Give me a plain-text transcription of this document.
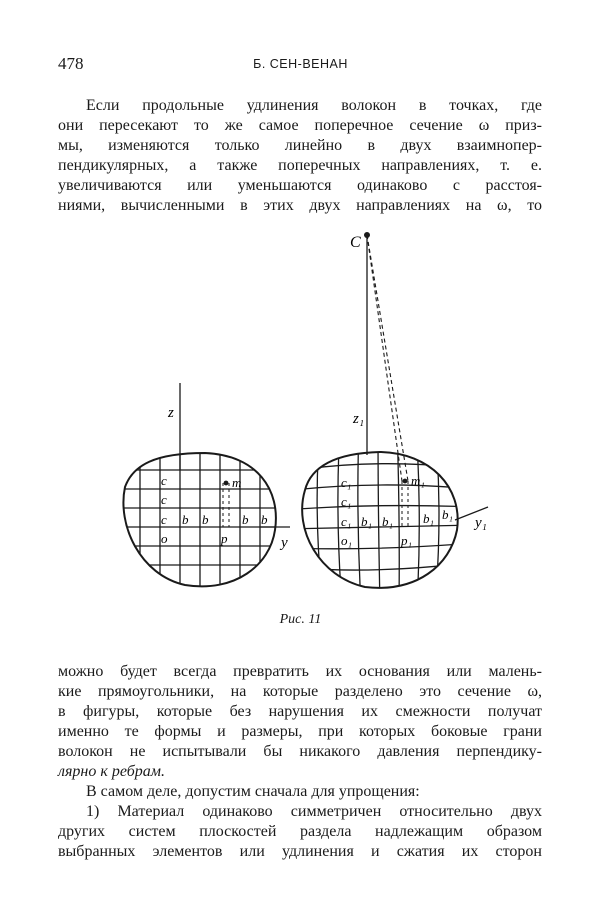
478	Б. СЕН-ВЕНАН
Если продольные удлинения волокон в точках, где
они пересекают то же самое поперечное сечение ω приз-
мы, изменяются только линейно в двух взаимнопер-
пендикулярных, а также поперечных направлениях, т. е.
увеличиваются или уменьшаются одинаково с расстоя-
ниями, вычисленными в этих двух направлениях на ω, то
z
y
c
c
c b b	b b
o	p
m
C
z₁
y₁
c₁
c₁
c₁ b₁ b₁ b₁ b₁
o₁	p₁
m₁
Рис. 11
можно будет всегда превратить их основания или малень-
кие прямоугольники, на которые разделено это сечение ω,
в фигуры, которые без нарушения их смежности получат
именно те формы и размеры, при которых боковые грани
волокон не испытывали бы никакого давления перпендику-
лярно к ребрам.
В самом деле, допустим сначала для упрощения:
1) Материал одинаково симметричен относительно двух
других систем плоскостей раздела надлежащим образом
выбранных элементов или удлинения и сжатия их сторон
